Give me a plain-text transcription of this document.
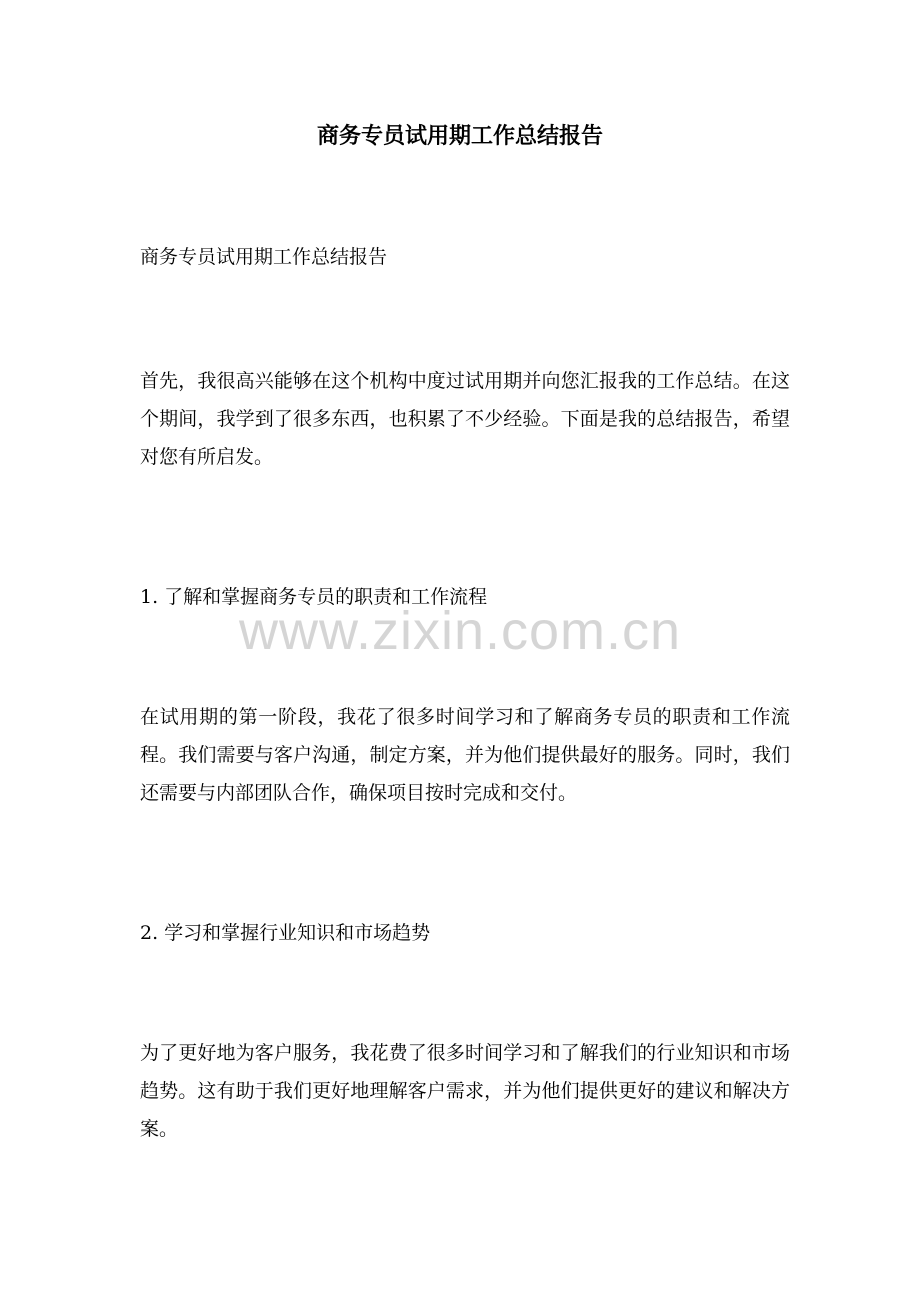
商务专员试用期工作总结报告
商务专员试用期工作总结报告
首先，我很高兴能够在这个机构中度过试用期并向您汇报我的工作总结。在这个期间，我学到了很多东西，也积累了不少经验。下面是我的总结报告，希望对您有所启发。
1. 了解和掌握商务专员的职责和工作流程
在试用期的第一阶段，我花了很多时间学习和了解商务专员的职责和工作流程。我们需要与客户沟通，制定方案，并为他们提供最好的服务。同时，我们还需要与内部团队合作，确保项目按时完成和交付。
2. 学习和掌握行业知识和市场趋势
为了更好地为客户服务，我花费了很多时间学习和了解我们的行业知识和市场趋势。这有助于我们更好地理解客户需求，并为他们提供更好的建议和解决方案。
www.zixin.com.cn
